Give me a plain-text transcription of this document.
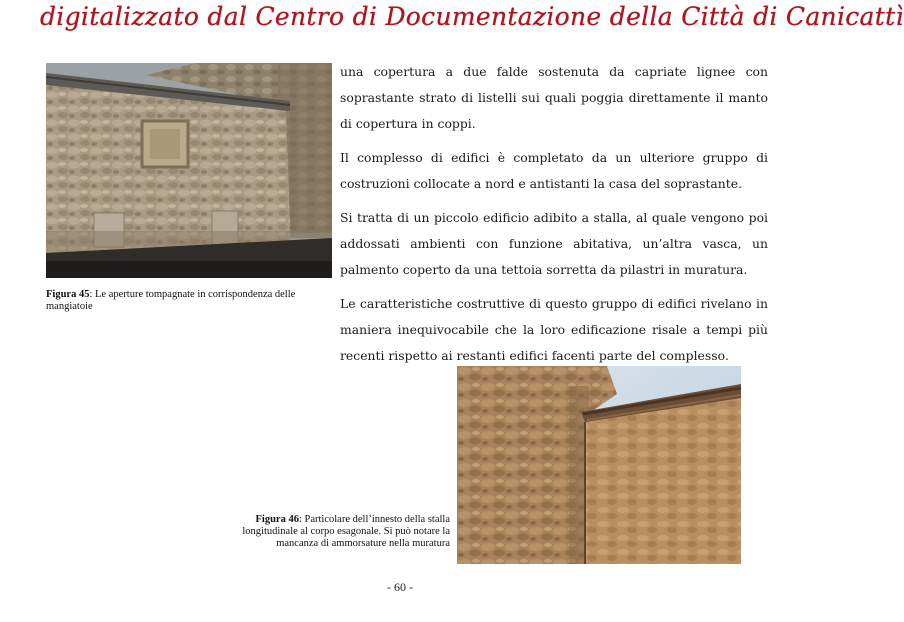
digitalizzato dal Centro di Documentazione della Città di Canicattì
Figura 45: Le aperture tompagnate in corrispondenza delle mangiatoie

una copertura a due falde sostenuta da capriate lignee con soprastante strato di listelli sui quali poggia direttamente il manto di copertura in coppi.

Il complesso di edifici è completato da un ulteriore gruppo di costruzioni collocate a nord e antistanti la casa del soprastante.

Si tratta di un piccolo edificio adibito a stalla, al quale vengono poi addossati ambienti con funzione abitativa, un’altra vasca, un palmento coperto da una tettoia sorretta da pilastri in muratura.

Le caratteristiche costruttive di questo gruppo di edifici rivelano in maniera inequivocabile che la loro edificazione risale a tempi più recenti rispetto ai restanti edifici facenti parte del complesso.

Figura 46: Particolare dell’innesto della stalla longitudinale al corpo esagonale. Si può notare la mancanza di ammorsature nella muratura
- 60 -
